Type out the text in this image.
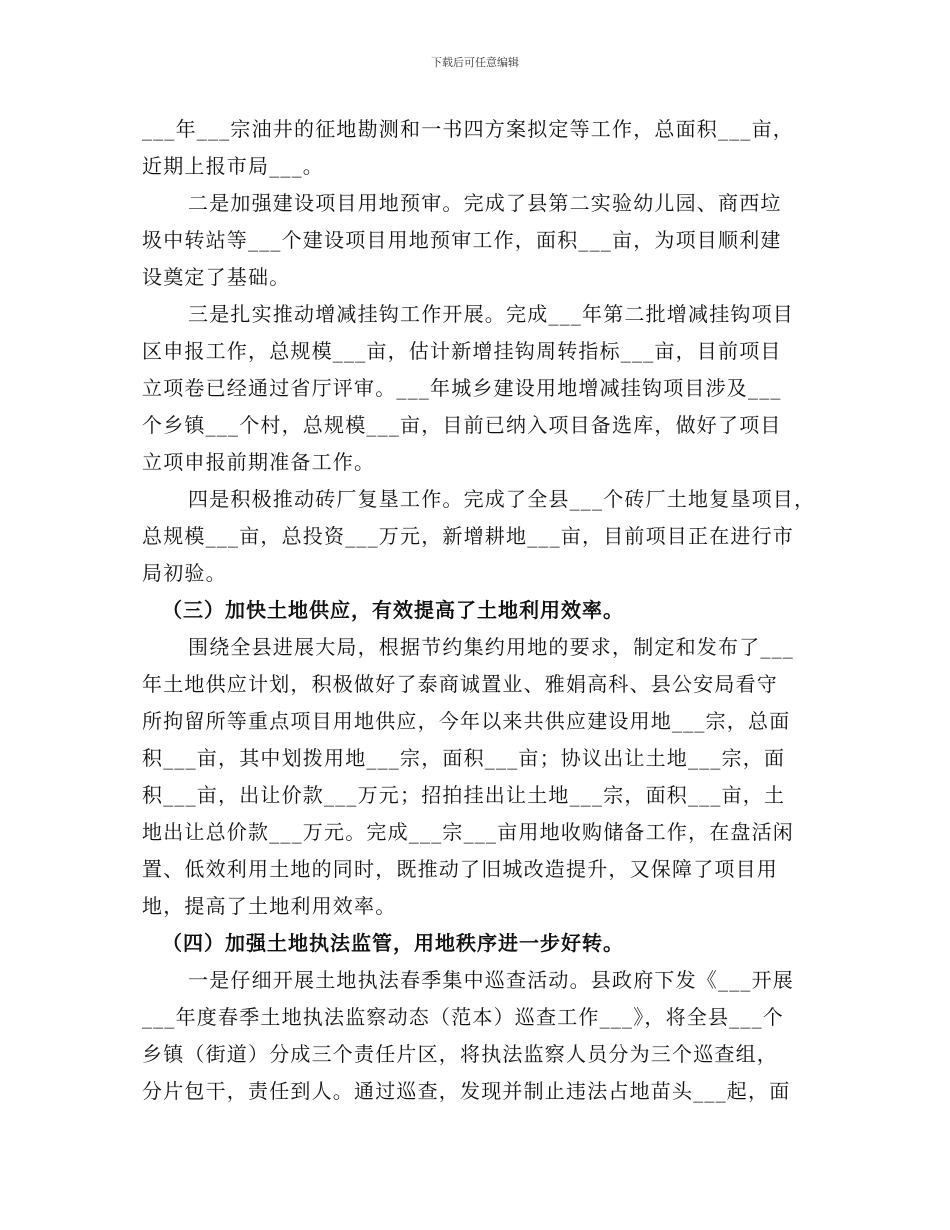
下载后可任意编辑
___年___宗油井的征地勘测和一书四方案拟定等工作，总面积___亩，
近期上报市局___。
二是加强建设项目用地预审。完成了县第二实验幼儿园、商西垃
圾中转站等___个建设项目用地预审工作，面积___亩，为项目顺利建
设奠定了基础。
三是扎实推动增减挂钩工作开展。完成___年第二批增减挂钩项目
区申报工作，总规模___亩，估计新增挂钩周转指标___亩，目前项目
立项卷已经通过省厅评审。___年城乡建设用地增减挂钩项目涉及___
个乡镇___个村，总规模___亩，目前已纳入项目备选库，做好了项目
立项申报前期准备工作。
四是积极推动砖厂复垦工作。完成了全县___个砖厂土地复垦项目，
总规模___亩，总投资___万元，新增耕地___亩，目前项目正在进行市
局初验。
（三）加快土地供应，有效提高了土地利用效率。
围绕全县进展大局，根据节约集约用地的要求，制定和发布了___
年土地供应计划，积极做好了泰商诚置业、雅娟高科、县公安局看守
所拘留所等重点项目用地供应，今年以来共供应建设用地___宗，总面
积___亩，其中划拨用地___宗，面积___亩；协议出让土地___宗，面
积___亩，出让价款___万元；招拍挂出让土地___宗，面积___亩，土
地出让总价款___万元。完成___宗___亩用地收购储备工作，在盘活闲
置、低效利用土地的同时，既推动了旧城改造提升，又保障了项目用
地，提高了土地利用效率。
（四）加强土地执法监管，用地秩序进一步好转。
一是仔细开展土地执法春季集中巡查活动。县政府下发《___开展
___年度春季土地执法监察动态（范本）巡查工作___》，将全县___个
乡镇（街道）分成三个责任片区，将执法监察人员分为三个巡查组，
分片包干，责任到人。通过巡查，发现并制止违法占地苗头___起，面
